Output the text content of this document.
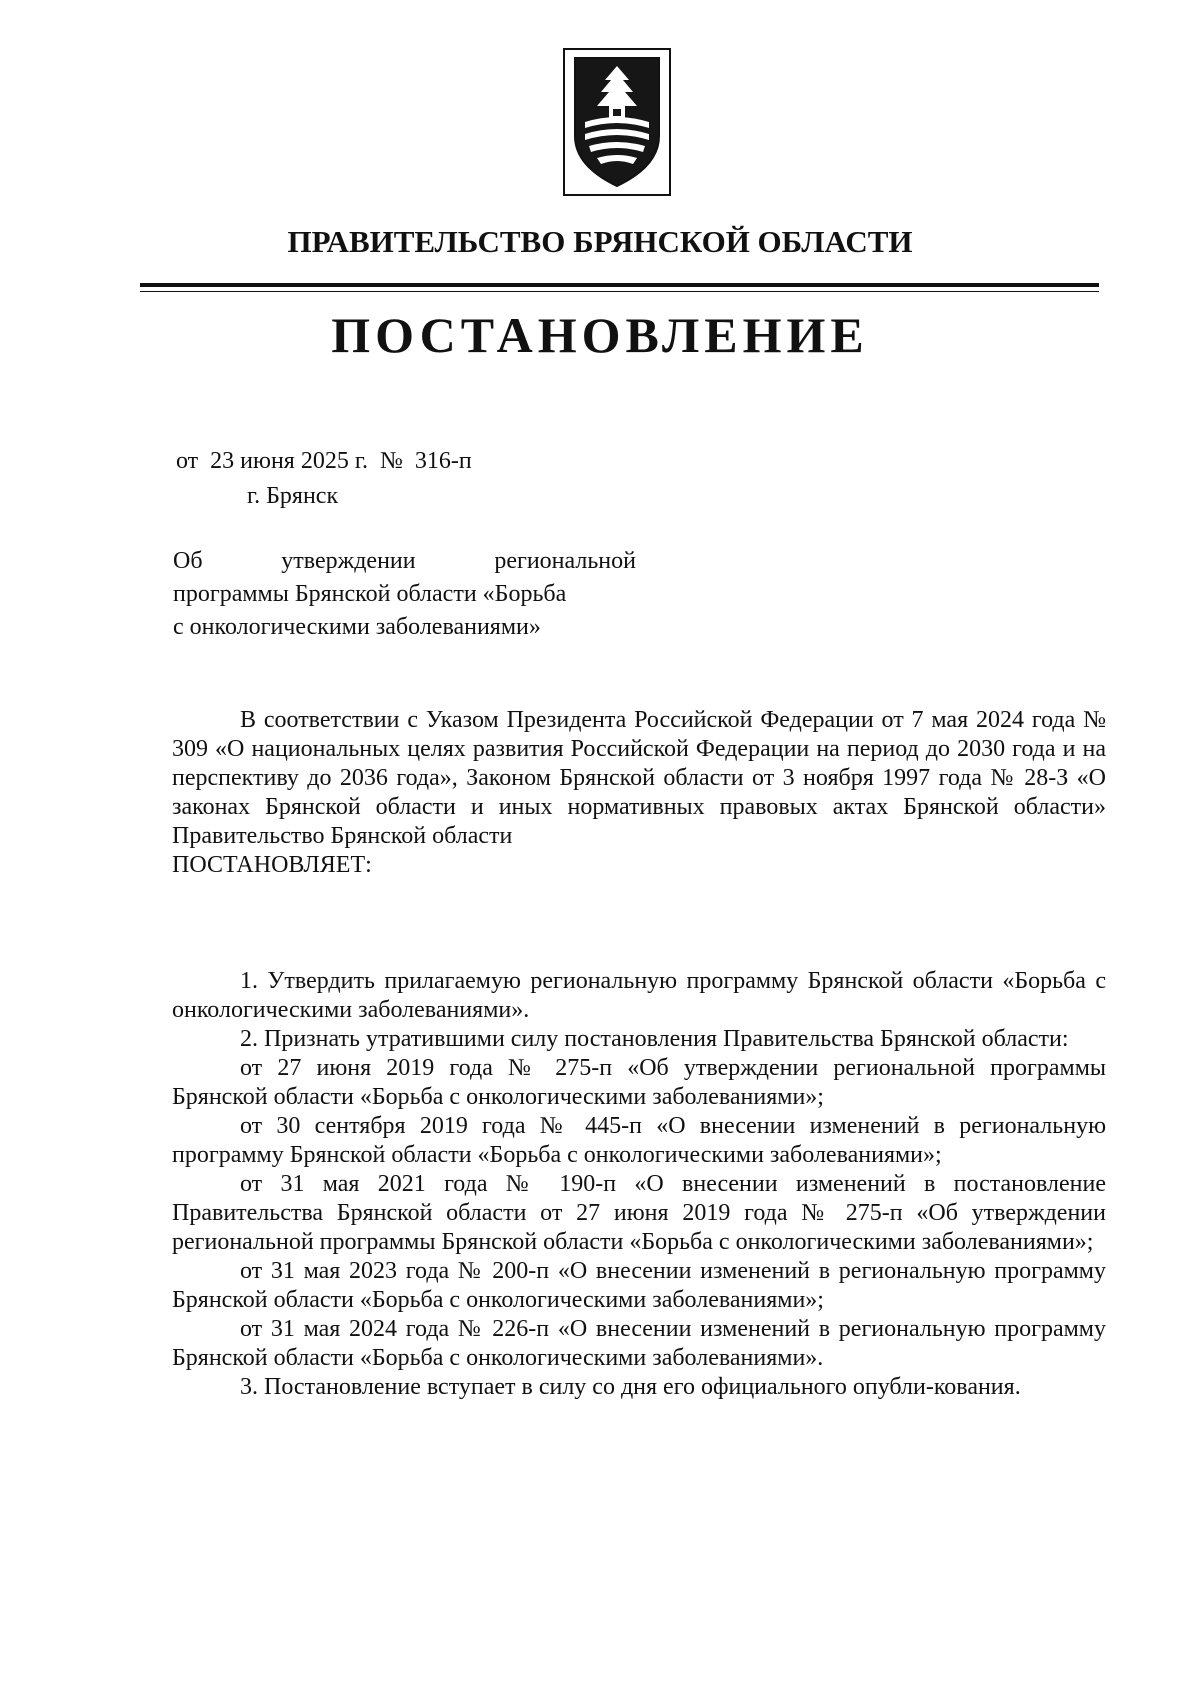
ПРАВИТЕЛЬСТВО БРЯНСКОЙ ОБЛАСТИ
ПОСТАНОВЛЕНИЕ
от  23 июня 2025 г.  №  316-п
г. Брянск
Об утверждении региональной
программы Брянской области «Борьба
с онкологическими заболеваниями»

В соответствии с Указом Президента Российской Федерации от 7 мая 2024 года № 309 «О национальных целях развития Российской Федерации на период до 2030 года и на перспективу до 2036 года», Законом Брянской области от 3 ноября 1997 года № 28-З «О законах Брянской области и иных нормативных правовых актах Брянской области» Правительство Брянской области

ПОСТАНОВЛЯЕТ:

1. Утвердить прилагаемую региональную программу Брянской области «Борьба с онкологическими заболеваниями».

2. Признать утратившими силу постановления Правительства Брянской области:

от 27 июня 2019 года № 275-п «Об утверждении региональной программы Брянской области «Борьба с онкологическими заболеваниями»;

от 30 сентября 2019 года № 445-п «О внесении изменений в региональную программу Брянской области «Борьба с онкологическими заболеваниями»;

от 31 мая 2021 года № 190-п «О внесении изменений в постановление Правительства Брянской области от 27 июня 2019 года № 275-п «Об утверждении региональной программы Брянской области «Борьба с онкологическими заболеваниями»;

от 31 мая 2023 года № 200-п «О внесении изменений в региональную программу Брянской области «Борьба с онкологическими заболеваниями»;

от 31 мая 2024 года № 226-п «О внесении изменений в региональную программу Брянской области «Борьба с онкологическими заболеваниями».

3. Постановление вступает в силу со дня его официального опубли-кования.
